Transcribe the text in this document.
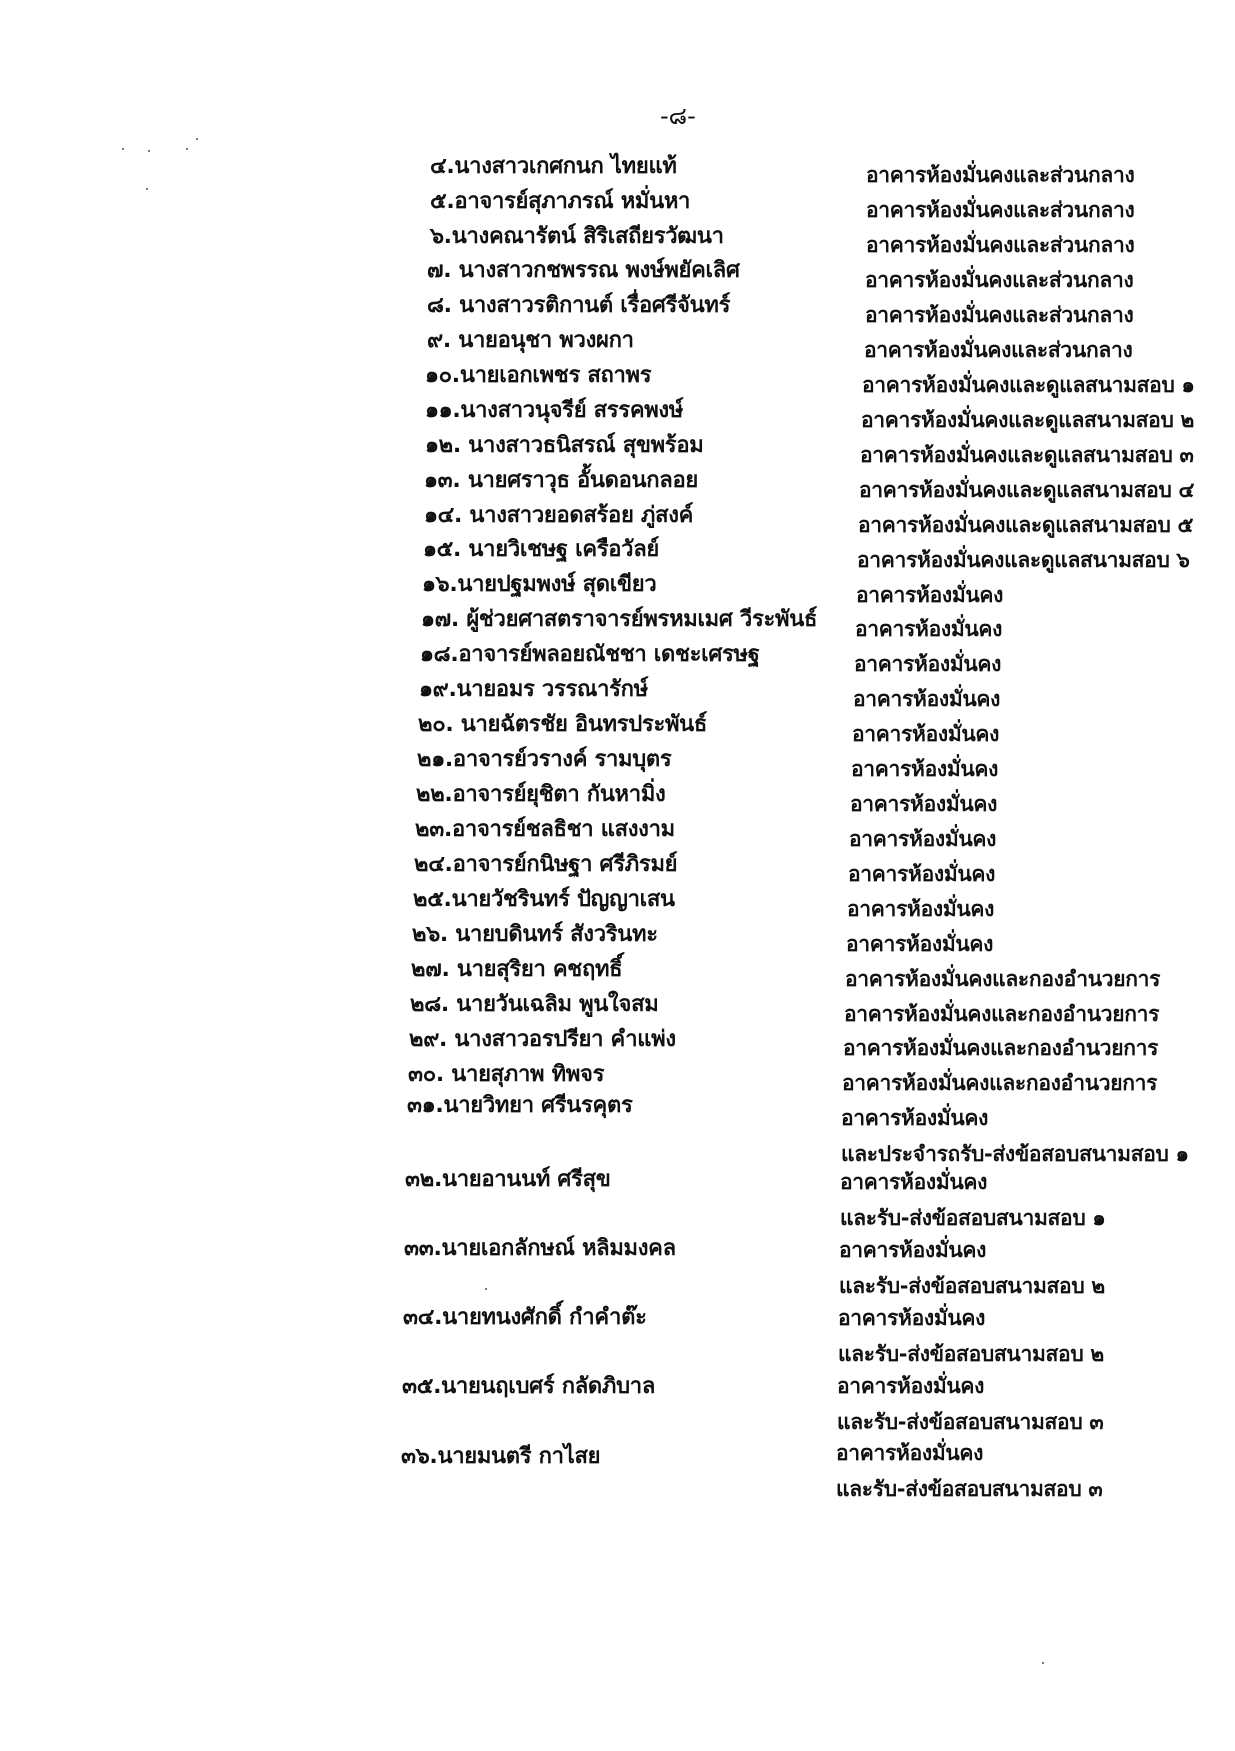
-๘-
๔.นางสาวเกศกนก ไทยแท้	อาคารห้องมั่นคงและส่วนกลาง
๕.อาจารย์สุภาภรณ์ หมั่นหา	อาคารห้องมั่นคงและส่วนกลาง
๖.นางคณารัตน์ สิริเสถียรวัฒนา	อาคารห้องมั่นคงและส่วนกลาง
๗. นางสาวกชพรรณ พงษ์พยัคเลิศ	อาคารห้องมั่นคงและส่วนกลาง
๘. นางสาวรติกานต์ เรื่อศรีจันทร์	อาคารห้องมั่นคงและส่วนกลาง
๙. นายอนุชา พวงผกา	อาคารห้องมั่นคงและส่วนกลาง
๑๐.นายเอกเพชร สถาพร	อาคารห้องมั่นคงและดูแลสนามสอบ ๑
๑๑.นางสาวนุจรีย์ สรรคพงษ์	อาคารห้องมั่นคงและดูแลสนามสอบ ๒
๑๒. นางสาวธนิสรณ์ สุขพร้อม	อาคารห้องมั่นคงและดูแลสนามสอบ ๓
๑๓. นายศราวุธ อั้นดอนกลอย	อาคารห้องมั่นคงและดูแลสนามสอบ ๔
๑๔. นางสาวยอดสร้อย ภู่สงค์	อาคารห้องมั่นคงและดูแลสนามสอบ ๕
๑๕. นายวิเชษฐ เครือวัลย์	อาคารห้องมั่นคงและดูแลสนามสอบ ๖
๑๖.นายปฐมพงษ์ สุดเขียว	อาคารห้องมั่นคง
๑๗. ผู้ช่วยศาสตราจารย์พรหมเมศ วีระพันธ์ อาคารห้องมั่นคง
๑๘.อาจารย์พลอยณัชชา เดชะเศรษฐ	อาคารห้องมั่นคง
๑๙.นายอมร วรรณารักษ์	อาคารห้องมั่นคง
๒๐. นายฉัตรชัย อินทรประพันธ์	อาคารห้องมั่นคง
๒๑.อาจารย์วรางค์ รามบุตร	อาคารห้องมั่นคง
๒๒.อาจารย์ยุชิตา กันหามิ่ง	อาคารห้องมั่นคง
๒๓.อาจารย์ชลธิชา แสงงาม	อาคารห้องมั่นคง
๒๔.อาจารย์กนิษฐา ศรีภิรมย์	อาคารห้องมั่นคง
๒๕.นายวัชรินทร์ ปัญญาเสน	อาคารห้องมั่นคง
๒๖. นายบดินทร์ สังวรินทะ	อาคารห้องมั่นคง
๒๗. นายสุริยา คชฤทธิ์	อาคารห้องมั่นคงและกองอำนวยการ
๒๘. นายวันเฉลิม พูนใจสม	อาคารห้องมั่นคงและกองอำนวยการ
๒๙. นางสาวอรปรียา คำแพ่ง	อาคารห้องมั่นคงและกองอำนวยการ
๓๐. นายสุภาพ ทิพจร	อาคารห้องมั่นคงและกองอำนวยการ
๓๑.นายวิทยา ศรีนรคุตร	อาคารห้องมั่นคง
และประจำรถรับ-ส่งข้อสอบสนามสอบ ๑
๓๒.นายอานนท์ ศรีสุข	อาคารห้องมั่นคง
และรับ-ส่งข้อสอบสนามสอบ ๑
๓๓.นายเอกลักษณ์ หลิมมงคล	อาคารห้องมั่นคง
และรับ-ส่งข้อสอบสนามสอบ ๒
๓๔.นายทนงศักดิ์ กำคำต๊ะ	อาคารห้องมั่นคง
และรับ-ส่งข้อสอบสนามสอบ ๒
๓๕.นายนฤเบศร์ กลัดภิบาล	อาคารห้องมั่นคง
และรับ-ส่งข้อสอบสนามสอบ ๓
๓๖.นายมนตรี กาไสย	อาคารห้องมั่นคง
และรับ-ส่งข้อสอบสนามสอบ ๓
